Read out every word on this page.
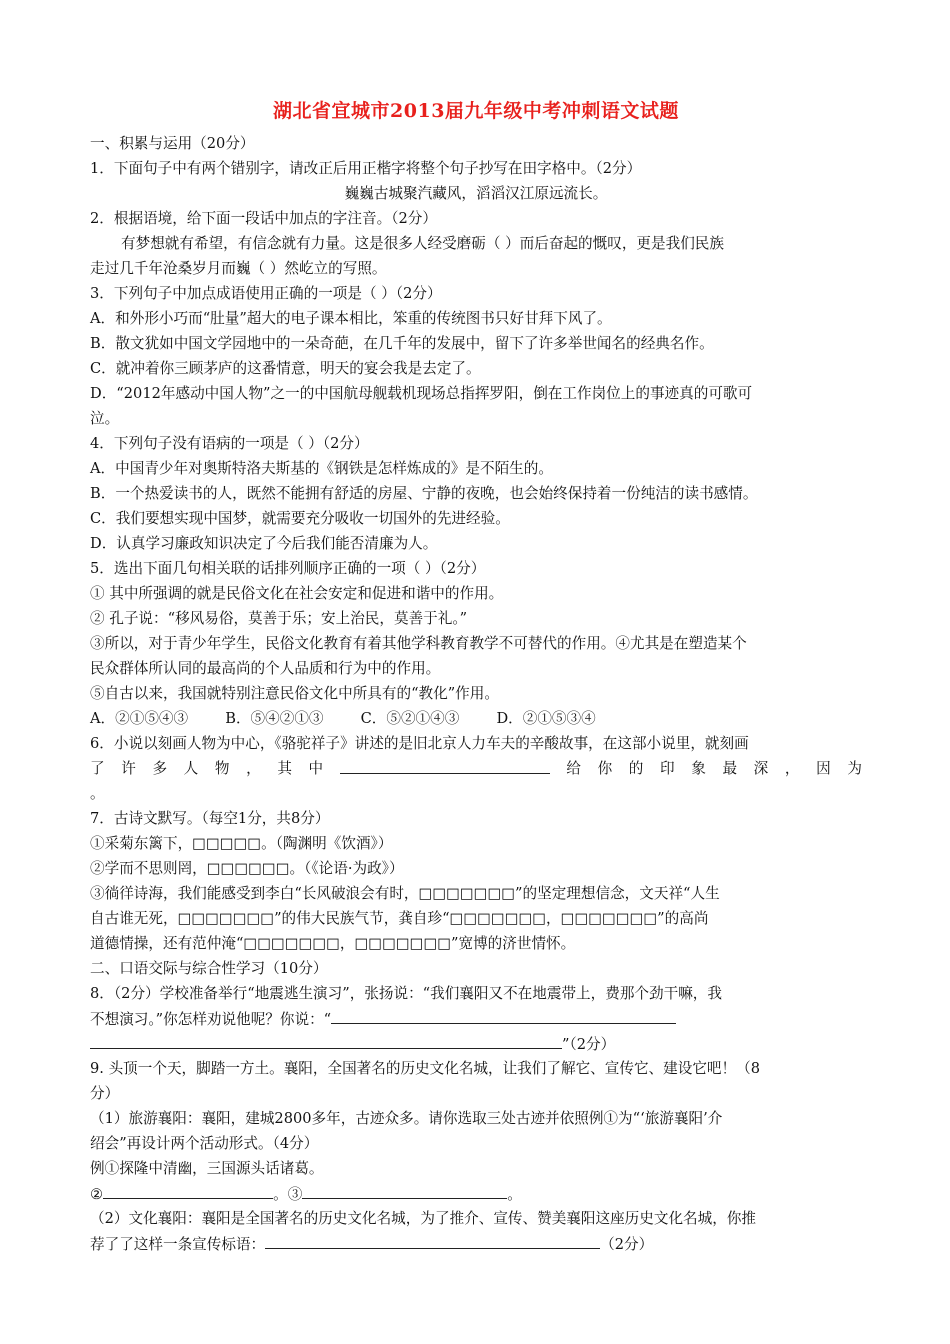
湖北省宜城市2013届九年级中考冲刺语文试题
一、积累与运用（20分）
1．下面句子中有两个错别字，请改正后用正楷字将整个句子抄写在田字格中。（2分）
巍巍古城聚汽藏风，滔滔汉江原远流长。
2．根据语境，给下面一段话中加点的字注音。（2分）
有梦想就有希望，有信念就有力量。这是很多人经受磨砺（ ）而后奋起的慨叹，更是我们民族
走过几千年沧桑岁月而巍（ ）然屹立的写照。
3．下列句子中加点成语使用正确的一项是（ ）（2分）
A．和外形小巧而“肚量”超大的电子课本相比，笨重的传统图书只好甘拜下风了。
B．散文犹如中国文学园地中的一朵奇葩，在几千年的发展中，留下了许多举世闻名的经典名作。
C．就冲着你三顾茅庐的这番情意，明天的宴会我是去定了。
D．“2012年感动中国人物”之一的中国航母舰载机现场总指挥罗阳，倒在工作岗位上的事迹真的可歌可
泣。
4．下列句子没有语病的一项是（ ）（2分）
A．中国青少年对奥斯特洛夫斯基的《钢铁是怎样炼成的》是不陌生的。
B．一个热爱读书的人，既然不能拥有舒适的房屋、宁静的夜晚，也会始终保持着一份纯洁的读书感情。
C．我们要想实现中国梦，就需要充分吸收一切国外的先进经验。
D．认真学习廉政知识决定了今后我们能否清廉为人。
5．选出下面几句相关联的话排列顺序正确的一项（ ）（2分）
① 其中所强调的就是民俗文化在社会安定和促进和谐中的作用。
② 孔子说：“移风易俗，莫善于乐；安上治民，莫善于礼。”
③所以，对于青少年学生，民俗文化教育有着其他学科教育教学不可替代的作用。④尤其是在塑造某个
民众群体所认同的最高尚的个人品质和行为中的作用。
⑤自古以来，我国就特别注意民俗文化中所具有的“教化”作用。
A．②①⑤④③        B．⑤④②①③        C．⑤②①④③        D．②①⑤③④
6．小说以刻画人物为中心，《骆驼祥子》讲述的是旧北京人力车夫的辛酸故事，在这部小说里，就刻画
了 许 多 人 物 ， 其 中	给 你 的 印 象 最 深 ， 因 为
。
7．古诗文默写。（每空1分，共8分）
①采菊东篱下，□□□□□。（陶渊明《饮酒》）
②学而不思则罔，□□□□□□。（《论语·为政》）
③徜徉诗海，我们能感受到李白“长风破浪会有时，□□□□□□□”的坚定理想信念，文天祥“人生
自古谁无死，□□□□□□□”的伟大民族气节，龚自珍“□□□□□□□，□□□□□□□”的高尚
道德情操，还有范仲淹“□□□□□□□，□□□□□□□”宽博的济世情怀。
二、口语交际与综合性学习（10分）
8．（2分）学校准备举行“地震逃生演习”，张扬说：“我们襄阳又不在地震带上，费那个劲干嘛，我
不想演习。”你怎样劝说他呢？你说：“
”（2分）
9. 头顶一个天，脚踏一方土。襄阳，全国著名的历史文化名城，让我们了解它、宣传它、建设它吧！（8
分）
（1）旅游襄阳：襄阳，建城2800多年，古迹众多。请你选取三处古迹并依照例①为“‘旅游襄阳’介
绍会”再设计两个活动形式。（4分）
例①探隆中清幽，三国源头话诸葛。
②	。③	。
（2）文化襄阳：襄阳是全国著名的历史文化名城，为了推介、宣传、赞美襄阳这座历史文化名城，你推
荐了了这样一条宣传标语：	（2分）
